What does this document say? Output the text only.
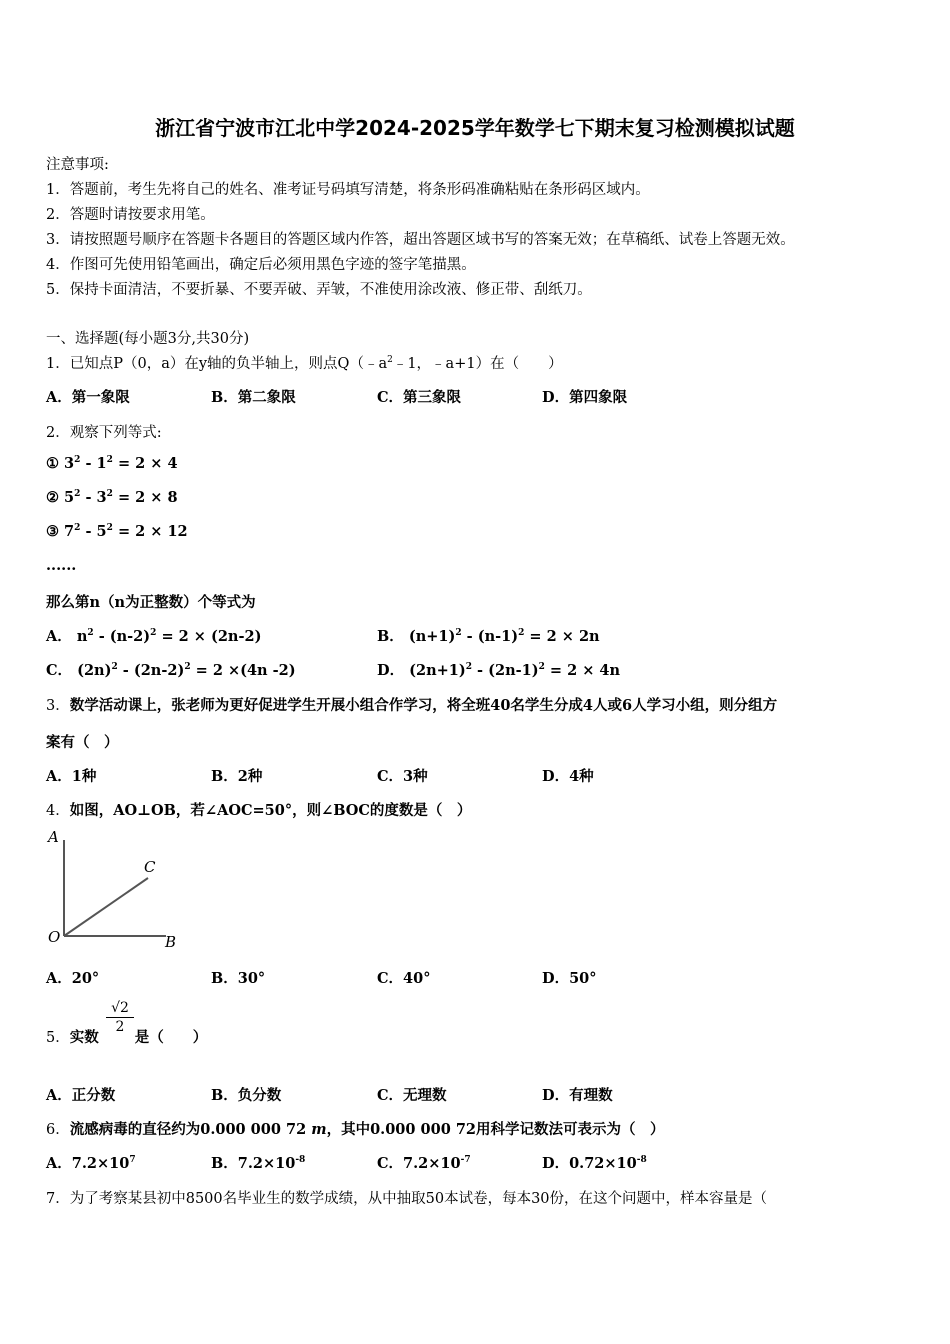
浙江省宁波市江北中学2024-2025学年数学七下期末复习检测模拟试题
注意事项:
1．答题前，考生先将自己的姓名、准考证号码填写清楚，将条形码准确粘贴在条形码区域内。
2．答题时请按要求用笔。
3．请按照题号顺序在答题卡各题目的答题区域内作答，超出答题区域书写的答案无效；在草稿纸、试卷上答题无效。
4．作图可先使用铅笔画出，确定后必须用黑色字迹的签字笔描黑。
5．保持卡面清洁，不要折暴、不要弄破、弄皱，不准使用涂改液、修正带、刮纸刀。
一、选择题(每小题3分,共30分)
1．已知点P（0，a）在y轴的负半轴上，则点$Q(﹣a^2﹣1$，﹣a+1）在（　　）
A．第一象限	B．第二象限	C．第三象限	D．第四象限
2．观察下列等式:
① $3^2 - 1^2 = 2 \times 4$
② $5^2 - 3^2 = 2 \times 8$
③ $7^2 - 5^2 = 2 \times 12$
......
那么第n（n为正整数）个等式为
A． $n^2 - (n-2)^2 = 2 \times (2n-2)$	B． $(n+1)^2 - (n-1)^2 = 2 \times 2n$
C． $(2n)^2 - (2n-2)^2 = 2 \times(4n$ -2)	D． $(2n+1)^2 - (2n-1)^2 = 2 \times 4n$
3．数学活动课上，张老师为更好促进学生开展小组合作学习，将全班40名学生分成4人或6人学习小组，则分组方
案有（　）
A．1种	B．2种	C．3种	D．4种
4．如图，AO⊥OB，若∠AOC=50°，则∠BOC的度数是（　）
A
C
O	B
A．20°	B．30°	C．40°	D．50°
5．实数 是（　　）
$\frac{√2}{2}$
A．正分数	B．负分数	C．无理数	D．有理数
6．流感病毒的直径约为0.000 000 72 m，其中0.000 000 72用科学记数法可表示为（　）
A．$7.2\times 10^7$	B．$7.2\times 10^{-8}$	C．$7.2\times 10^{-7}$	D．$0.72\times 10^{-8}$
7．为了考察某县初中8500名毕业生的数学成绩，从中抽取50本试卷，每本30份，在这个问题中，样本容量是（
